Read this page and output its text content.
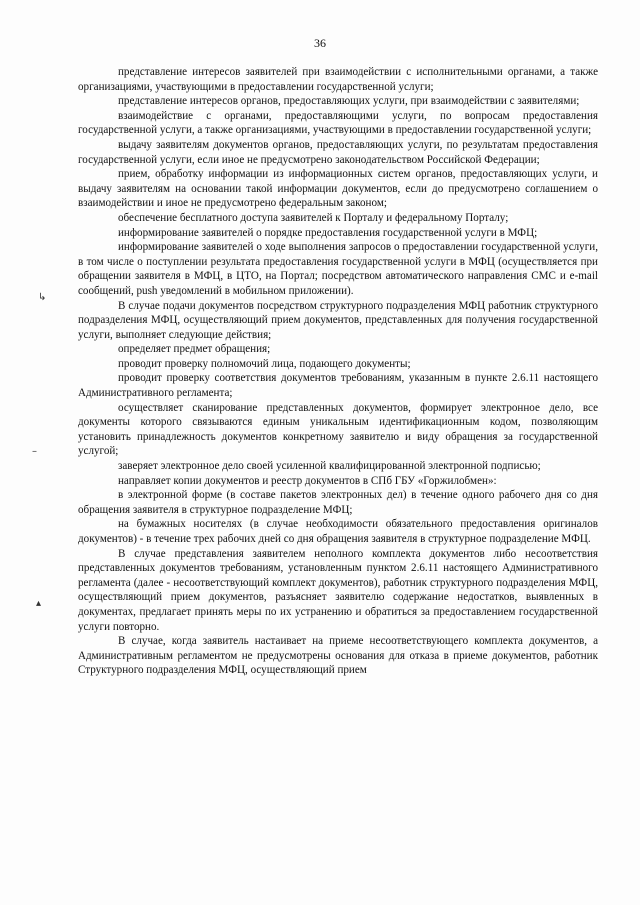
36

представление интересов заявителей при взаимодействии с исполнительными органами, а также организациями, участвующими в предоставлении государственной услуги;

представление интересов органов, предоставляющих услуги, при взаимодействии с заявителями;

взаимодействие с органами, предоставляющими услуги, по вопросам предоставления государственной услуги, а также организациями, участвующими в предоставлении государственной услуги;

выдачу заявителям документов органов, предоставляющих услуги, по результатам предоставления государственной услуги, если иное не предусмотрено законодательством Российской Федерации;

прием, обработку информации из информационных систем органов, предоставляющих услуги, и выдачу заявителям на основании такой информации документов, если до предусмотрено соглашением о взаимодействии и иное не предусмотрено федеральным законом;

обеспечение бесплатного доступа заявителей к Порталу и федеральному Порталу;

информирование заявителей о порядке предоставления государственной услуги в МФЦ;

информирование заявителей о ходе выполнения запросов о предоставлении государственной услуги, в том числе о поступлении результата предоставления государственной услуги в МФЦ (осуществляется при обращении заявителя в МФЦ, в ЦТО, на Портал; посредством автоматического направления СМС и e-mail сообщений, push уведомлений в мобильном приложении).

В случае подачи документов посредством структурного подразделения МФЦ работник структурного подразделения МФЦ, осуществляющий прием документов, представленных для получения государственной услуги, выполняет следующие действия;

определяет предмет обращения;

проводит проверку полномочий лица, подающего документы;

проводит проверку соответствия документов требованиям, указанным в пункте 2.6.11 настоящего Административного регламента;

осуществляет сканирование представленных документов, формирует электронное дело, все документы которого связываются единым уникальным идентификационным кодом, позволяющим установить принадлежность документов конкретному заявителю и виду обращения за государственной услугой;

заверяет электронное дело своей усиленной квалифицированной электронной подписью;

направляет копии документов и реестр документов в СПб ГБУ «Горжилобмен»:

в электронной форме (в составе пакетов электронных дел) в течение одного рабочего дня со дня обращения заявителя в структурное подразделение МФЦ;

на бумажных носителях (в случае необходимости обязательного предоставления оригиналов документов) - в течение трех рабочих дней со дня обращения заявителя в структурное подразделение МФЦ.

В случае представления заявителем неполного комплекта документов либо несоответствия представленных документов требованиям, установленным пунктом 2.6.11 настоящего Административного регламента (далее - несоответствующий комплект документов), работник структурного подразделения МФЦ, осуществляющий прием документов, разъясняет заявителю содержание недостатков, выявленных в документах, предлагает принять меры по их устранению и обратиться за предоставлением государственной услуги повторно.

В случае, когда заявитель настаивает на приеме несоответствующего комплекта документов, а Административным регламентом не предусмотрены основания для отказа в приеме документов, работник Структурного подразделения МФЦ, осуществляющий прием

↳
–
▴
